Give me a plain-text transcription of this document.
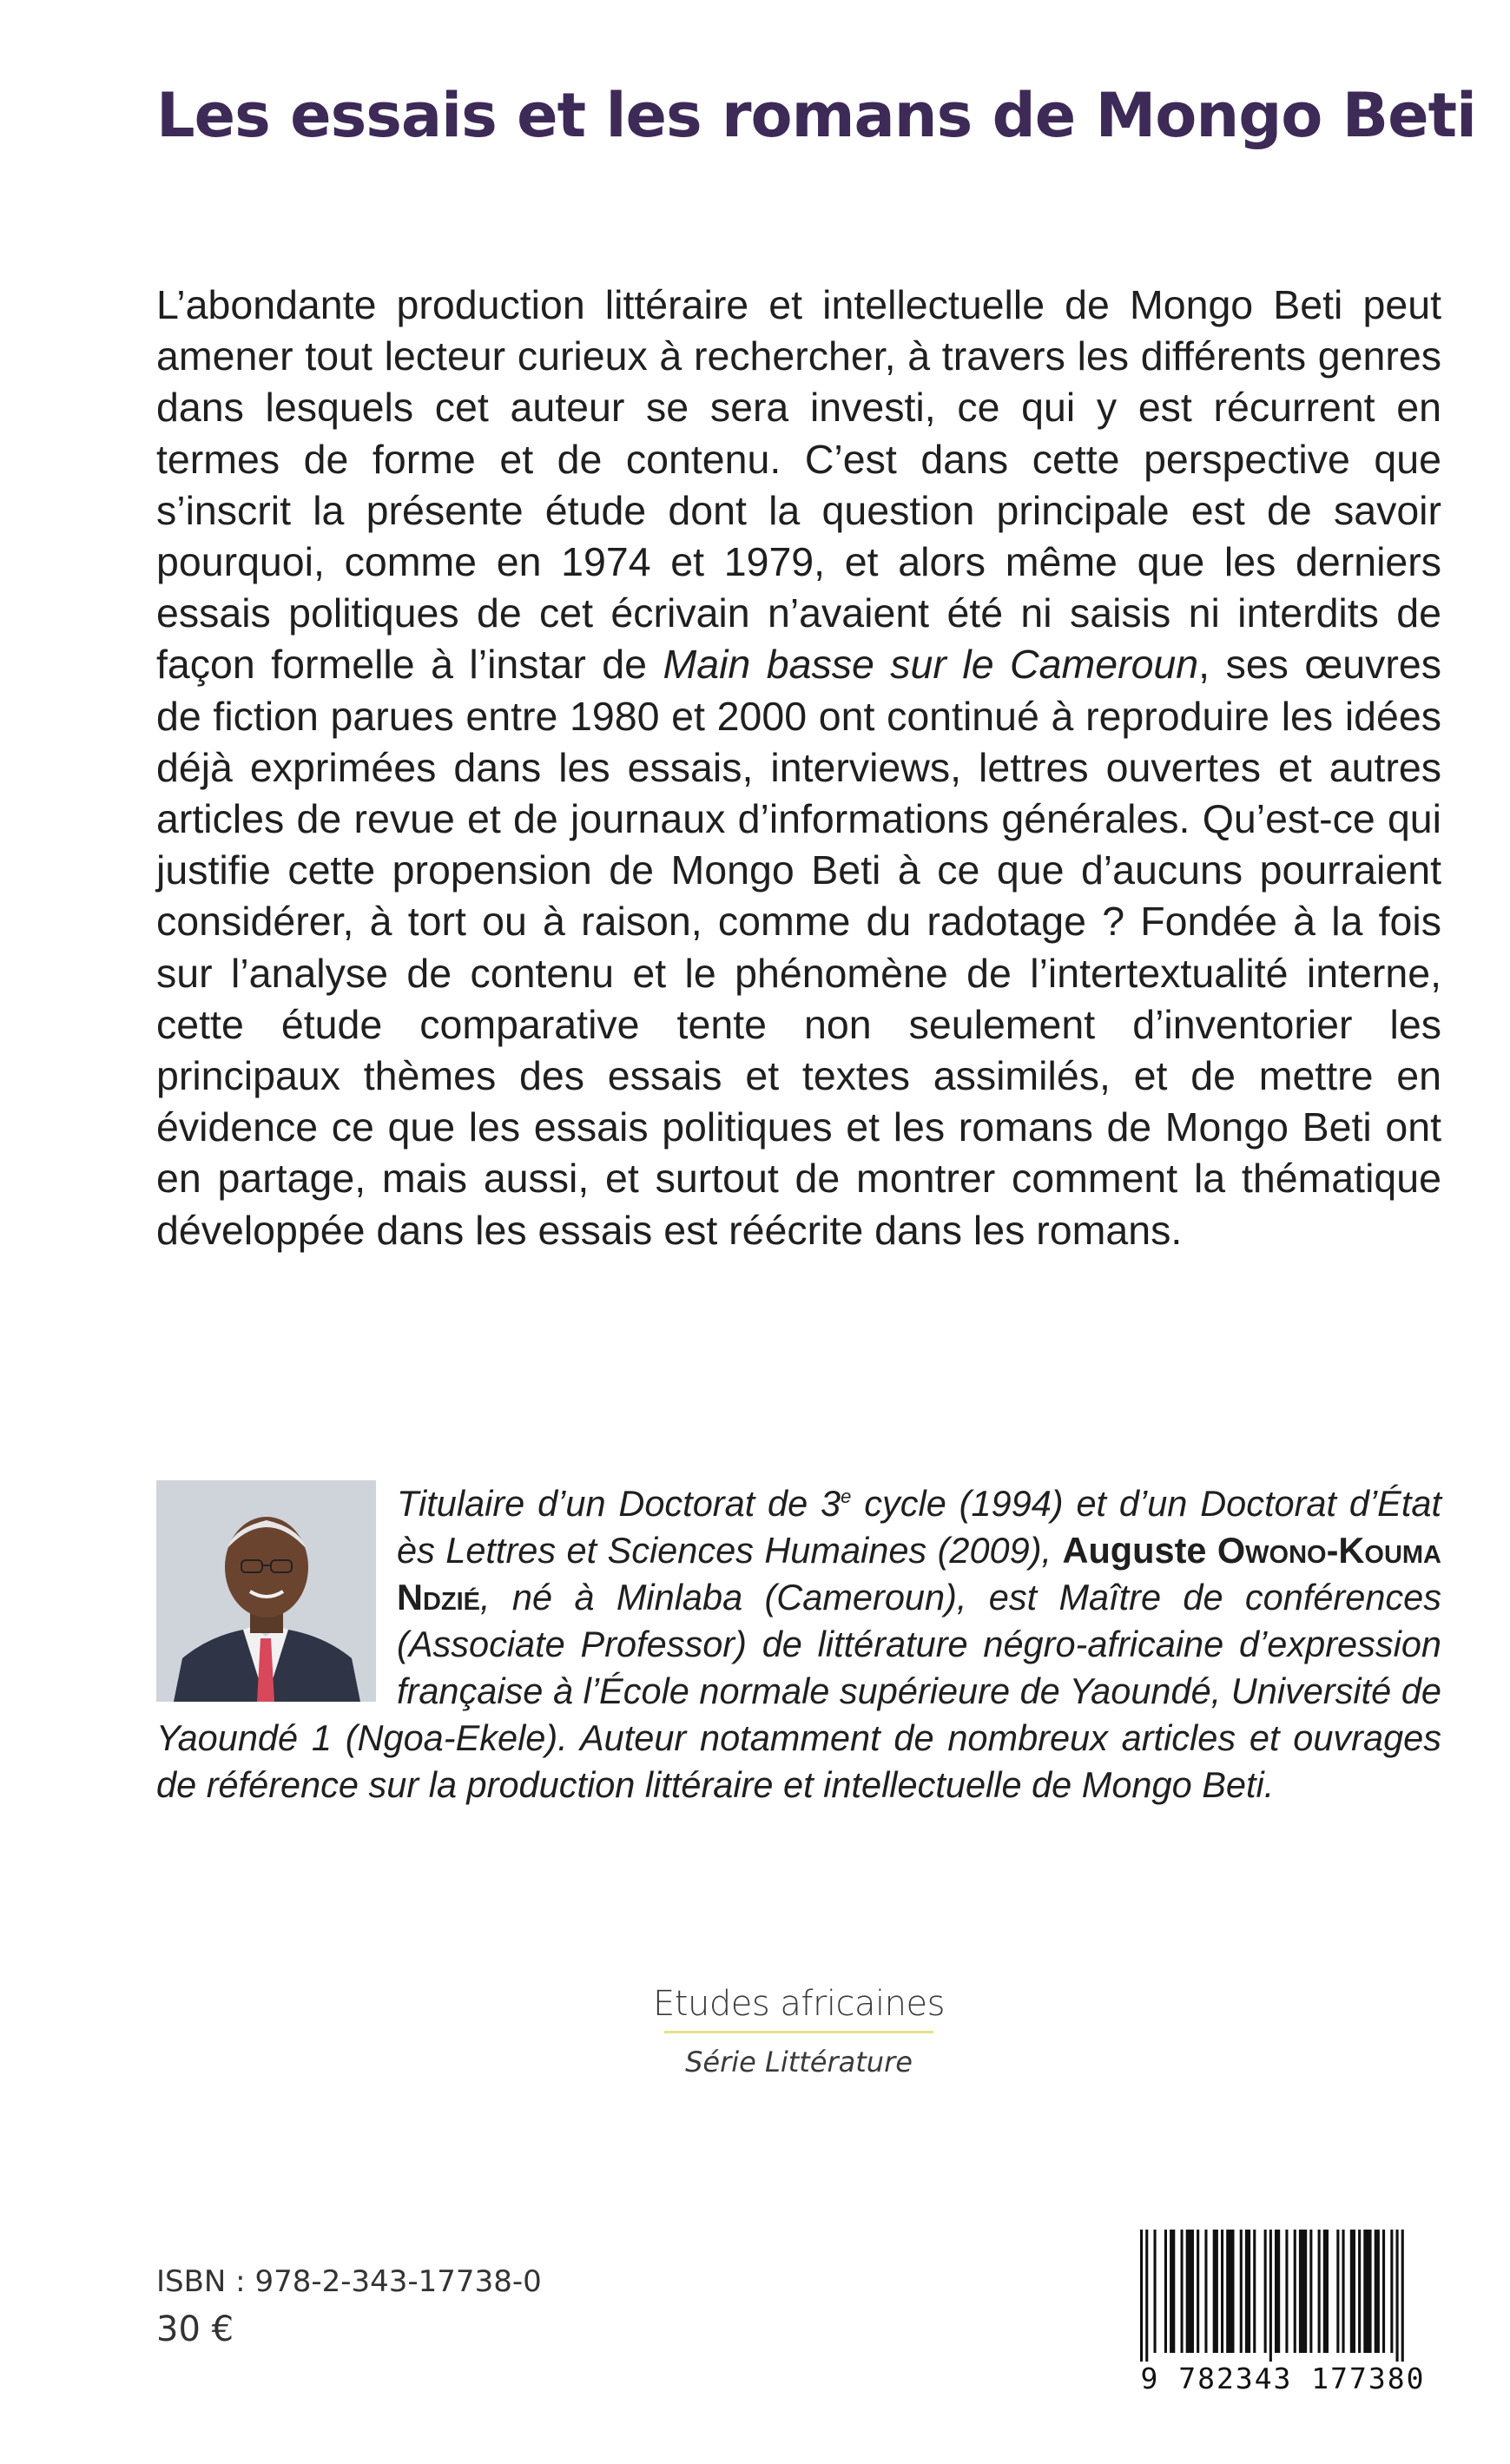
Les essais et les romans de Mongo Beti

L’abondante production littéraire et intellectuelle de Mongo Beti peut amener tout lecteur curieux à rechercher, à travers les différents genres dans lesquels cet auteur se sera investi, ce qui y est récurrent en termes de forme et de contenu. C’est dans cette perspective que s’inscrit la présente étude dont la question principale est de savoir pourquoi, comme en 1974 et 1979, et alors même que les derniers essais politiques de cet écrivain n’avaient été ni saisis ni interdits de façon formelle à l’instar de Main basse sur le Cameroun, ses œuvres de fiction parues entre 1980 et 2000 ont continué à reproduire les idées déjà exprimées dans les essais, interviews, lettres ouvertes et autres articles de revue et de journaux d’informations générales. Qu’est-ce qui justifie cette propension de Mongo Beti à ce que d’aucuns pourraient considérer, à tort ou à raison, comme du radotage ? Fondée à la fois sur l’analyse de contenu et le phénomène de l’intertextualité interne, cette étude comparative tente non seulement d’inventorier les principaux thèmes des essais et textes assimilés, et de mettre en évidence ce que les essais politiques et les romans de Mongo Beti ont en partage, mais aussi, et surtout de montrer comment la thématique développée dans les essais est réécrite dans les romans.

Titulaire d’un Doctorat de 3e cycle (1994) et d’un Doctorat d’État ès Lettres et Sciences Humaines (2009), Auguste Owono-Kouma Ndzié, né à Minlaba (Cameroun), est Maître de conférences (Associate Professor) de littérature négro-africaine d’expression française à l’École normale supérieure de Yaoundé, Université de Yaoundé 1 (Ngoa-Ekele). Auteur notamment de nombreux articles et ouvrages de référence sur la production littéraire et intellectuelle de Mongo Beti.

Etudes africaines
Série Littérature
ISBN : 978-2-343-17738-0
30 €
9 782343 177380
